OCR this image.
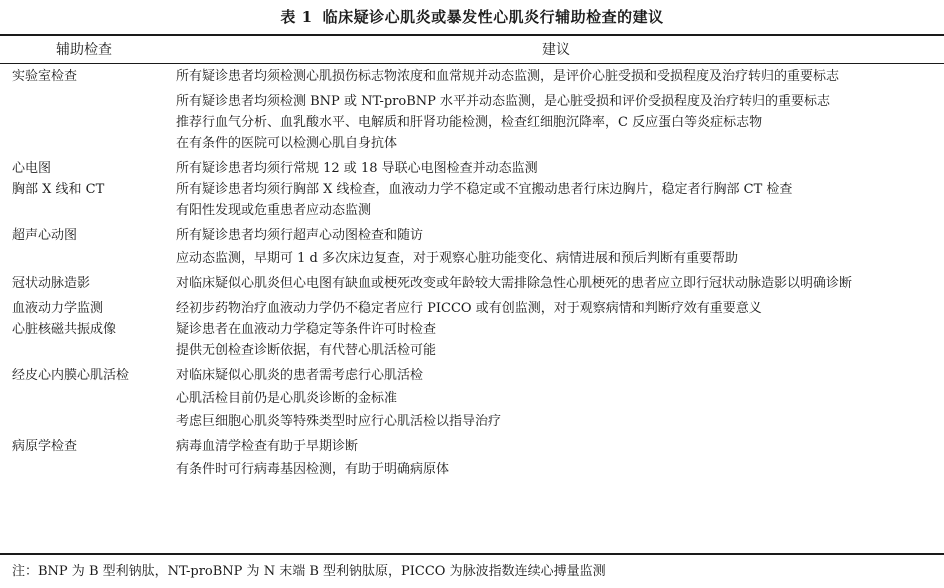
表 1 临床疑诊心肌炎或暴发性心肌炎行辅助检查的建议
辅助检查	建议
实验室检查	所有疑诊患者均须检测心肌损伤标志物浓度和血常规并动态监测，是评价心脏受损和受损程度及治疗转归的重要标志
	所有疑诊患者均须检测 BNP 或 NT-proBNP 水平并动态监测，是心脏受损和评价受损程度及治疗转归的重要标志
	推荐行血气分析、血乳酸水平、电解质和肝肾功能检测，检查红细胞沉降率，C 反应蛋白等炎症标志物
	在有条件的医院可以检测心肌自身抗体
心电图	所有疑诊患者均须行常规 12 或 18 导联心电图检查并动态监测
胸部 X 线和 CT	所有疑诊患者均须行胸部 X 线检查，血液动力学不稳定或不宜搬动患者行床边胸片，稳定者行胸部 CT 检查
	有阳性发现或危重患者应动态监测
超声心动图	所有疑诊患者均须行超声心动图检查和随访
	应动态监测，早期可 1 d 多次床边复查，对于观察心脏功能变化、病情进展和预后判断有重要帮助
冠状动脉造影	对临床疑似心肌炎但心电图有缺血或梗死改变或年龄较大需排除急性心肌梗死的患者应立即行冠状动脉造影以明确诊断
血液动力学监测	经初步药物治疗血液动力学仍不稳定者应行 PICCO 或有创监测，对于观察病情和判断疗效有重要意义
心脏核磁共振成像	疑诊患者在血液动力学稳定等条件许可时检查
	提供无创检查诊断依据，有代替心肌活检可能
经皮心内膜心肌活检	对临床疑似心肌炎的患者需考虑行心肌活检
	心肌活检目前仍是心肌炎诊断的金标准
	考虑巨细胞心肌炎等特殊类型时应行心肌活检以指导治疗
病原学检查	病毒血清学检查有助于早期诊断
	有条件时可行病毒基因检测，有助于明确病原体
注：BNP 为 B 型利钠肽，NT-proBNP 为 N 末端 B 型利钠肽原，PICCO 为脉波指数连续心搏量监测
